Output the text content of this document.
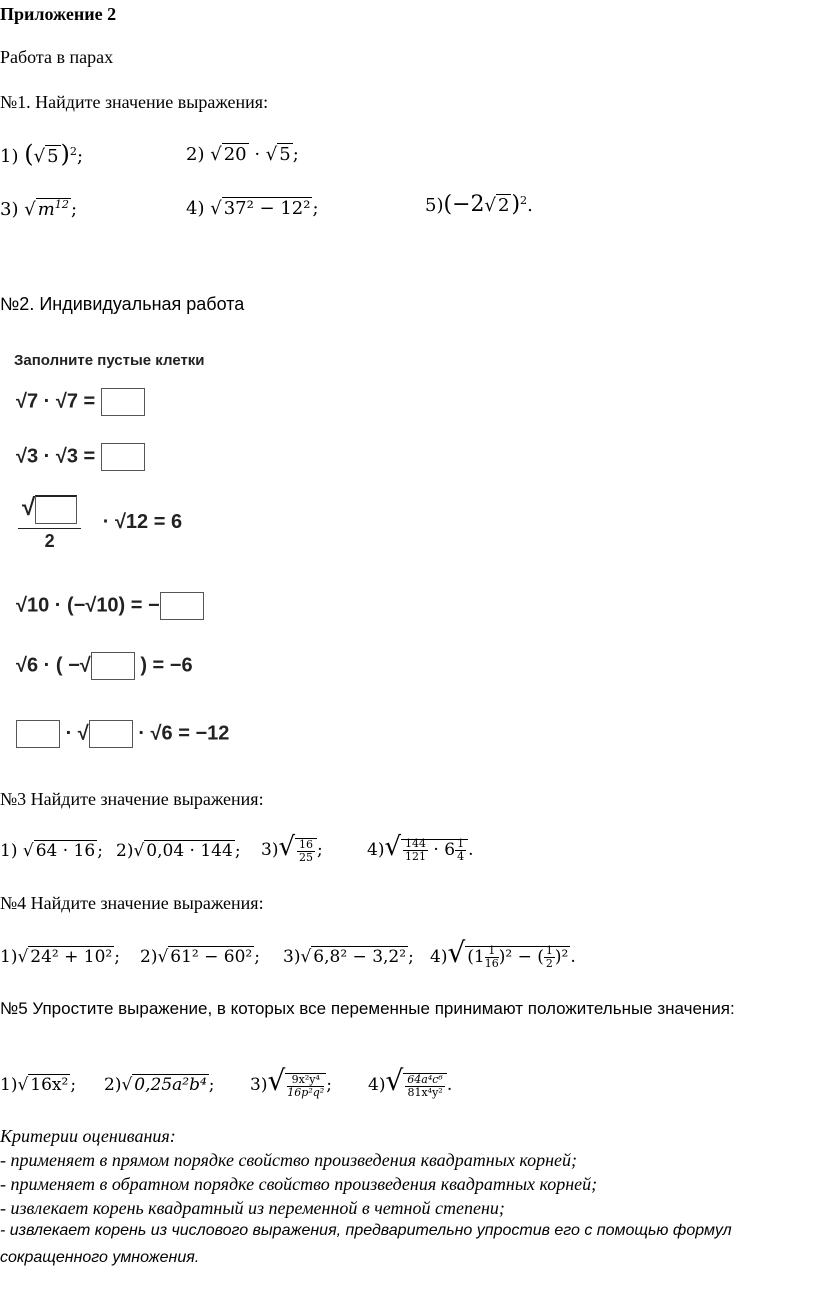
Приложение 2
Работа в парах
№1. Найдите значение выражения:
1) (√ 5)$^2$;	2) √ 20 · √ 5 ;
3) √ $m^{12}$ ;	4) √ 37² − 12² ;	5)(−2√ 2)$^2$.
№2. Индивидуальная работа
Заполните пустые клетки
√7 · √7 =
√3 · √3 =
√
2
· √12 = 6
√10 · (−√10) = −
√6 · ( −√ ) = −6
· √ · √6 = −12
№3 Найдите значение выражения:
1) √ 64 · 16 ; 2)√ 0,04 · 144 ; $3)√ \frac{16}{25}$ ;	$4)√ \frac{144}{121} \cdot 6 \frac{1}{4}$ .
№4 Найдите значение выражения:
1)√ 24² + 10² ; 2)√ 61² − 60² ; 3)√ 6,8² − 3,2² ; 4)√ $(1 \frac{1}{16} )^2$ − ( $\frac{1}{2} )^2$ .
№5 Упростите выражение, в которых все переменные принимают положительные значения:
1)√ 16x² ; 2)√ 0,25a²b⁴ ; $3)√ \frac{\text{9x²y⁴}}{\text{16p²q²}}$ ; $4)√ \frac{\text{64a⁴c⁶}}{\text{81x⁴y²}}$ .
Критерии оценивания:
- применяет в прямом порядке свойство произведения квадратных корней;
- применяет в обратном порядке свойство произведения квадратных корней;
- извлекает корень квадратный из переменной в четной степени;
- извлекает корень из числового выражения, предварительно упростив его с помощью формул
сокращенного умножения.
